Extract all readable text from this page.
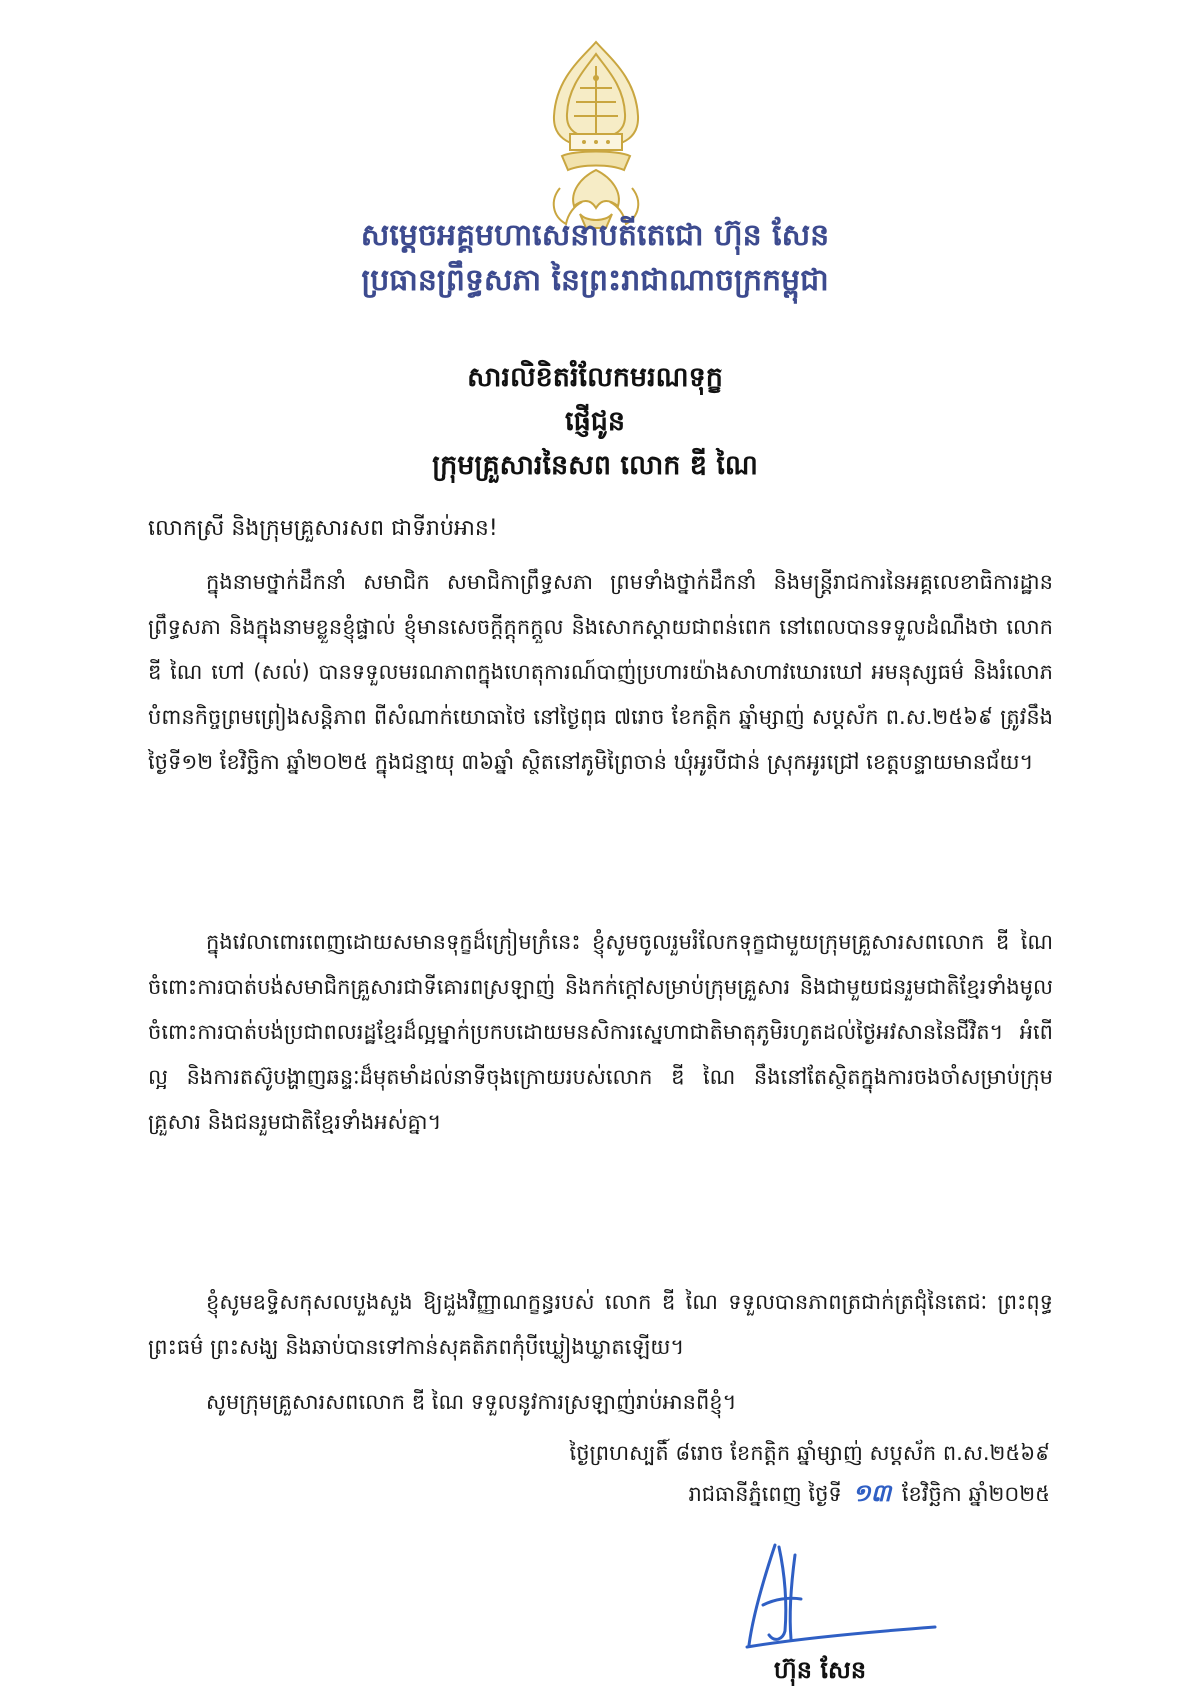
សម្តេចអគ្គមហាសេនាបតីតេជោ ហ៊ុន សែន
ប្រធានព្រឹទ្ធសភា នៃព្រះរាជាណាចក្រកម្ពុជា
សារលិខិតរំលែកមរណទុក្ខ
ផ្ញើជូន
ក្រុមគ្រួសារនៃសព លោក ឌី ណៃ
លោកស្រី និងក្រុមគ្រួសារសព ជាទីរាប់អាន!

ក្នុងនាមថ្នាក់ដឹកនាំ សមាជិក សមាជិកាព្រឹទ្ធសភា ព្រមទាំងថ្នាក់ដឹកនាំ និងមន្ត្រីរាជការនៃអគ្គលេខាធិការដ្ឋានព្រឹទ្ធសភា និងក្នុងនាមខ្លួនខ្ញុំផ្ទាល់ ខ្ញុំមានសេចក្តីក្តុកក្តួល និងសោកស្តាយជាពន់ពេក នៅពេលបានទទួលដំណឹងថា លោក ឌី ណៃ ហៅ (សល់) បានទទួលមរណភាពក្នុងហេតុការណ៍បាញ់ប្រហារយ៉ាងសាហាវឃោរឃៅ អមនុស្សធម៌ និងរំលោភបំពានកិច្ចព្រមព្រៀងសន្តិភាព ពីសំណាក់យោធាថៃ នៅថ្ងៃពុធ ៧រោច ខែកត្តិក ឆ្នាំម្សាញ់ សប្តស័ក ព.ស.២៥៦៩ ត្រូវនឹងថ្ងៃទី១២ ខែវិច្ឆិកា ឆ្នាំ២០២៥ ក្នុងជន្មាយុ ៣៦ឆ្នាំ ស្ថិតនៅភូមិព្រៃចាន់ ឃុំអូរបីជាន់ ស្រុកអូរជ្រៅ ខេត្តបន្ទាយមានជ័យ។

ក្នុងវេលាពោរពេញដោយសមានទុក្ខដ៏ក្រៀមក្រំនេះ ខ្ញុំសូមចូលរួមរំលែកទុក្ខជាមួយក្រុមគ្រួសារសពលោក ឌី ណៃ ចំពោះការបាត់បង់សមាជិកគ្រួសារជាទីគោរពស្រឡាញ់ និងកក់ក្តៅសម្រាប់ក្រុមគ្រួសារ និងជាមួយជនរួមជាតិខ្មែរទាំងមូល ចំពោះការបាត់បង់ប្រជាពលរដ្ឋខ្មែរដ៏ល្អម្នាក់ប្រកបដោយមនសិការស្នេហាជាតិមាតុភូមិរហូតដល់ថ្ងៃអវសាននៃជីវិត។ អំពើល្អ និងការតស៊ូបង្ហាញឆន្ទៈដ៏មុតមាំដល់នាទីចុងក្រោយរបស់លោក ឌី ណៃ នឹងនៅតែស្ថិតក្នុងការចងចាំសម្រាប់ក្រុមគ្រួសារ និងជនរួមជាតិខ្មែរទាំងអស់គ្នា។

ខ្ញុំសូមឧទ្ទិសកុសលបួងសួង ឱ្យដួងវិញ្ញាណក្ខន្ធរបស់ លោក ឌី ណៃ ទទួលបានភាពត្រជាក់ត្រជុំនៃតេជៈ ព្រះពុទ្ធ ព្រះធម៌ ព្រះសង្ឃ និងឆាប់បានទៅកាន់សុគតិភពកុំបីឃ្លៀងឃ្លាតឡើយ។

សូមក្រុមគ្រួសារសពលោក ឌី ណៃ ទទួលនូវការស្រឡាញ់រាប់អានពីខ្ញុំ។

ថ្ងៃព្រហស្បតិ៍ ៨រោច ខែកត្តិក ឆ្នាំម្សាញ់ សប្តស័ក ព.ស.២៥៦៩
រាជធានីភ្នំពេញ ថ្ងៃទី ១៣ ខែវិច្ឆិកា ឆ្នាំ២០២៥
ហ៊ុន សែន
